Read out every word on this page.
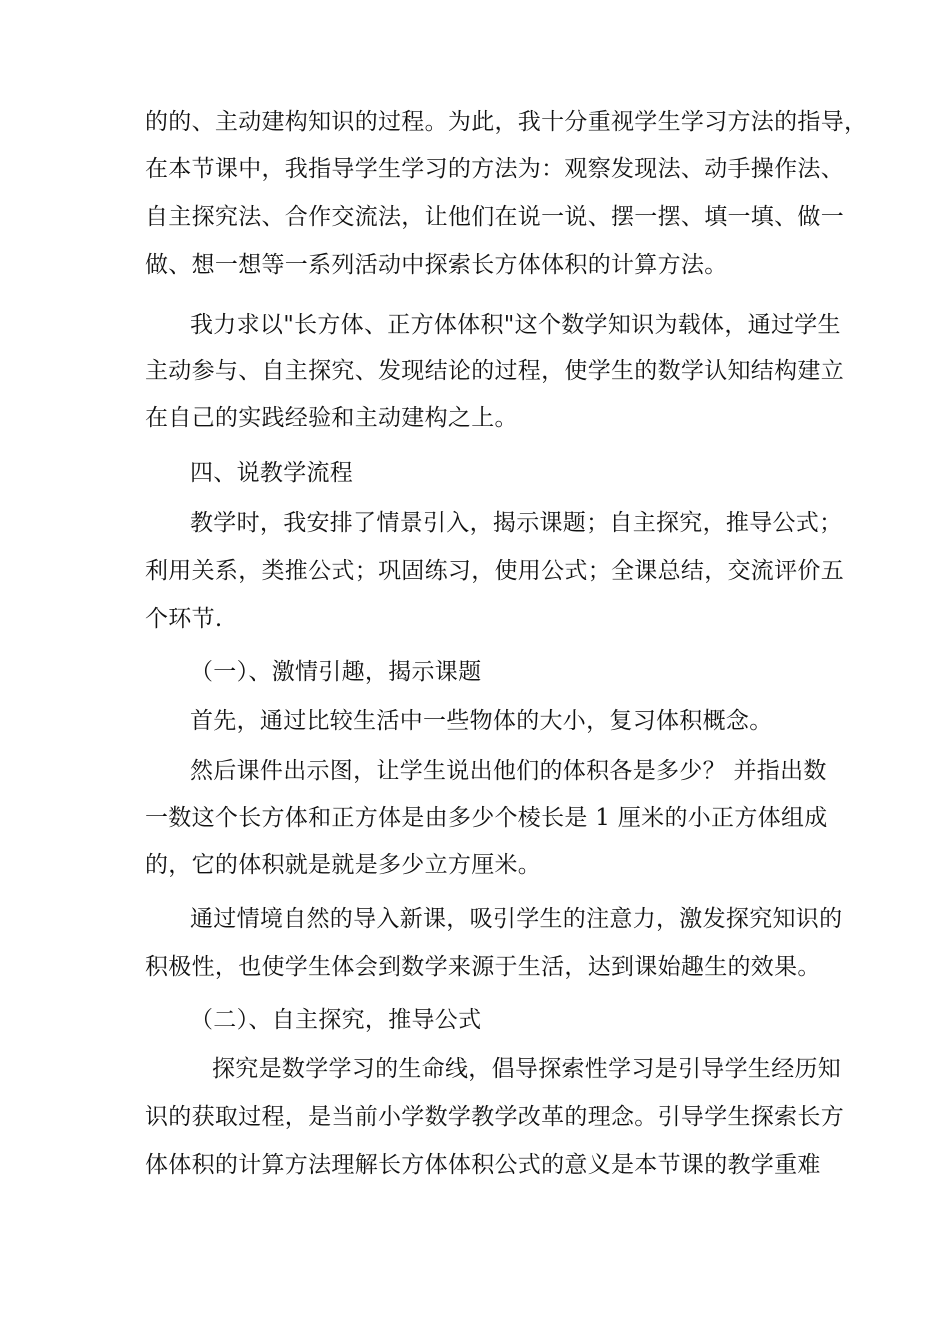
的的、主动建构知识的过程。为此，我十分重视学生学习方法的指导，
在本节课中，我指导学生学习的方法为：观察发现法、动手操作法、
自主探究法、合作交流法，让他们在说一说、摆一摆、填一填、做一
做、想一想等一系列活动中探索长方体体积的计算方法。
我力求以"长方体、正方体体积"这个数学知识为载体，通过学生
主动参与、自主探究、发现结论的过程，使学生的数学认知结构建立
在自己的实践经验和主动建构之上。
四、说教学流程
教学时，我安排了情景引入，揭示课题；自主探究，推导公式；
利用关系，类推公式；巩固练习，使用公式；全课总结，交流评价五
个环节.
（一）、激情引趣，揭示课题
首先，通过比较生活中一些物体的大小，复习体积概念。
然后课件出示图，让学生说出他们的体积各是多少？ 并指出数
一数这个长方体和正方体是由多少个棱长是 1 厘米的小正方体组成
的，它的体积就是就是多少立方厘米。
通过情境自然的导入新课，吸引学生的注意力，激发探究知识的
积极性，也使学生体会到数学来源于生活，达到课始趣生的效果。
（二）、自主探究，推导公式
探究是数学学习的生命线，倡导探索性学习是引导学生经历知
识的获取过程，是当前小学数学教学改革的理念。引导学生探索长方
体体积的计算方法理解长方体体积公式的意义是本节课的教学重难
